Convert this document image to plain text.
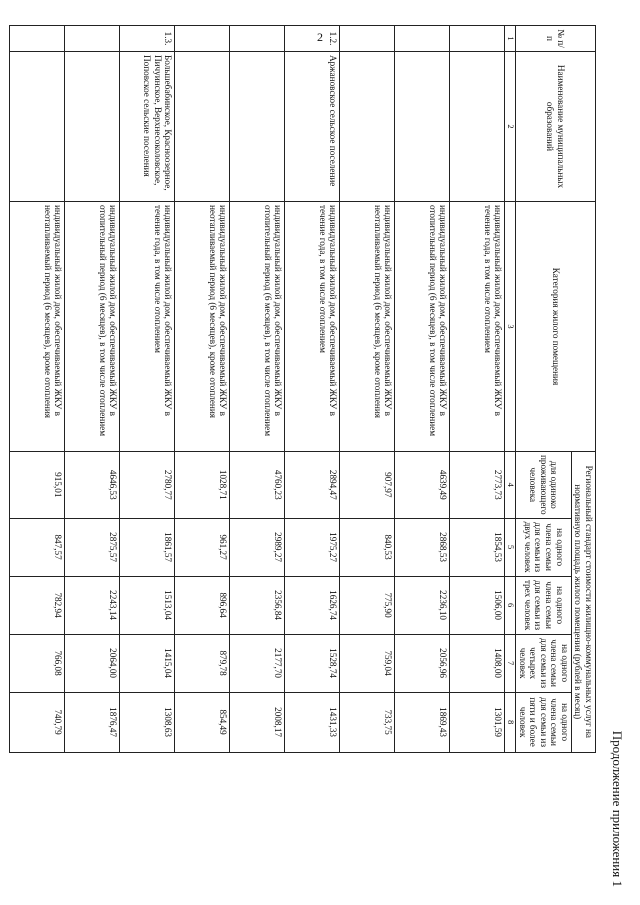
2
Продолжение приложения 1
№ п/п	Наименование муниципальных образований	Категория жилого помещения	Региональный стандарт стоимости жилищно-коммунальных услуг на нормативную площадь жилого помещения (рублей в месяц)				
			для одиноко проживающего человека	на одного члена семьи для семьи из двух человек	на одного члена семьи для семьи из трех человек	на одного члена семьи для семьи из четырех человек	на одного члена семьи для семьи из пяти и более человек
1	2	3	4	5	6	7	8
		индивидуальный жилой дом, обеспечиваемый ЖКУ в течение года, в том числе отоплением	2773,73	1854,53	1506,00	1408,00	1301,59
		индивидуальный жилой дом, обеспечиваемый ЖКУ в отопительный период (6 месяцев), в том числе отоплением	4639,49	2868,53	2236,10	2056,96	1869,43
		индивидуальный жилой дом, обеспечиваемый ЖКУ в неотапливаемый период (6 месяцев), кроме отопления	907,97	840,53	775,90	759,04	733,75
1.2.	Аржановское сельское поселение	индивидуальный жилой дом, обеспечиваемый ЖКУ в течение года, в том числе отоплением	2894,47	1975,27	1626,74	1528,74	1431,33
		индивидуальный жилой дом, обеспечиваемый ЖКУ в отопительный период (6 месяцев), в том числе отоплением	4760,23	2989,27	2356,84	2177,70	2008,17
		индивидуальный жилой дом, обеспечиваемый ЖКУ в неотапливаемый период (6 месяцев), кроме отопления	1028,71	961,27	896,64	879,78	854,49
1.3.	Большебабинское, Красноозерное, Пичуинское, Верхнесоколовское, Поповское сельские поселения	индивидуальный жилой дом, обеспечиваемый ЖКУ в течение года, в том числе отоплением	2780,77	1861,57	1513,04	1415,04	1308,63
		индивидуальный жилой дом, обеспечиваемый ЖКУ в отопительный период (6 месяцев), в том числе отоплением	4646,53	2875,57	2243,14	2064,00	1876,47
		индивидуальный жилой дом, обеспечиваемый ЖКУ в неотапливаемый период (6 месяцев), кроме отопления	915,01	847,57	782,94	766,08	740,79
